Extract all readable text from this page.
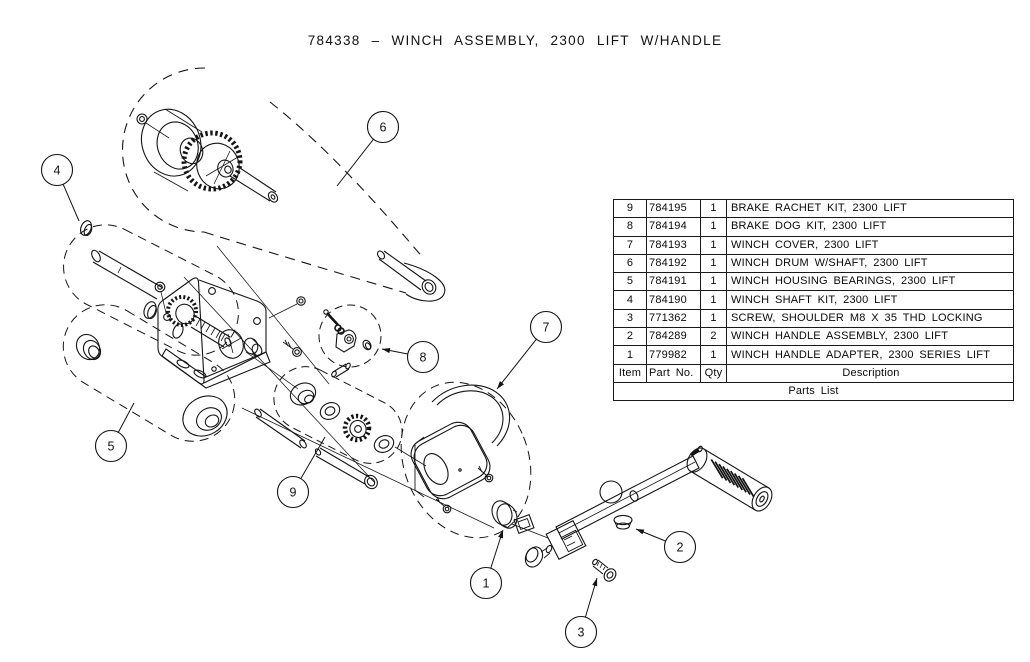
784338 – WINCH ASSEMBLY, 2300 LIFT W/HANDLE
1
2
3
4
5
6
7
8
9
9	784195	1	BRAKE RACHET KIT, 2300 LIFT
8	784194	1	BRAKE DOG KIT, 2300 LIFT
7	784193	1	WINCH COVER, 2300 LIFT
6	784192	1	WINCH DRUM W/SHAFT, 2300 LIFT
5	784191	1	WINCH HOUSING BEARINGS, 2300 LIFT
4	784190	1	WINCH SHAFT KIT, 2300 LIFT
3	771362	1	SCREW, SHOULDER M8 X 35 THD LOCKING
2	784289	2	WINCH HANDLE ASSEMBLY, 2300 LIFT
1	779982	1	WINCH HANDLE ADAPTER, 2300 SERIES LIFT
Item	Part No.	Qty	Description
Parts List			
